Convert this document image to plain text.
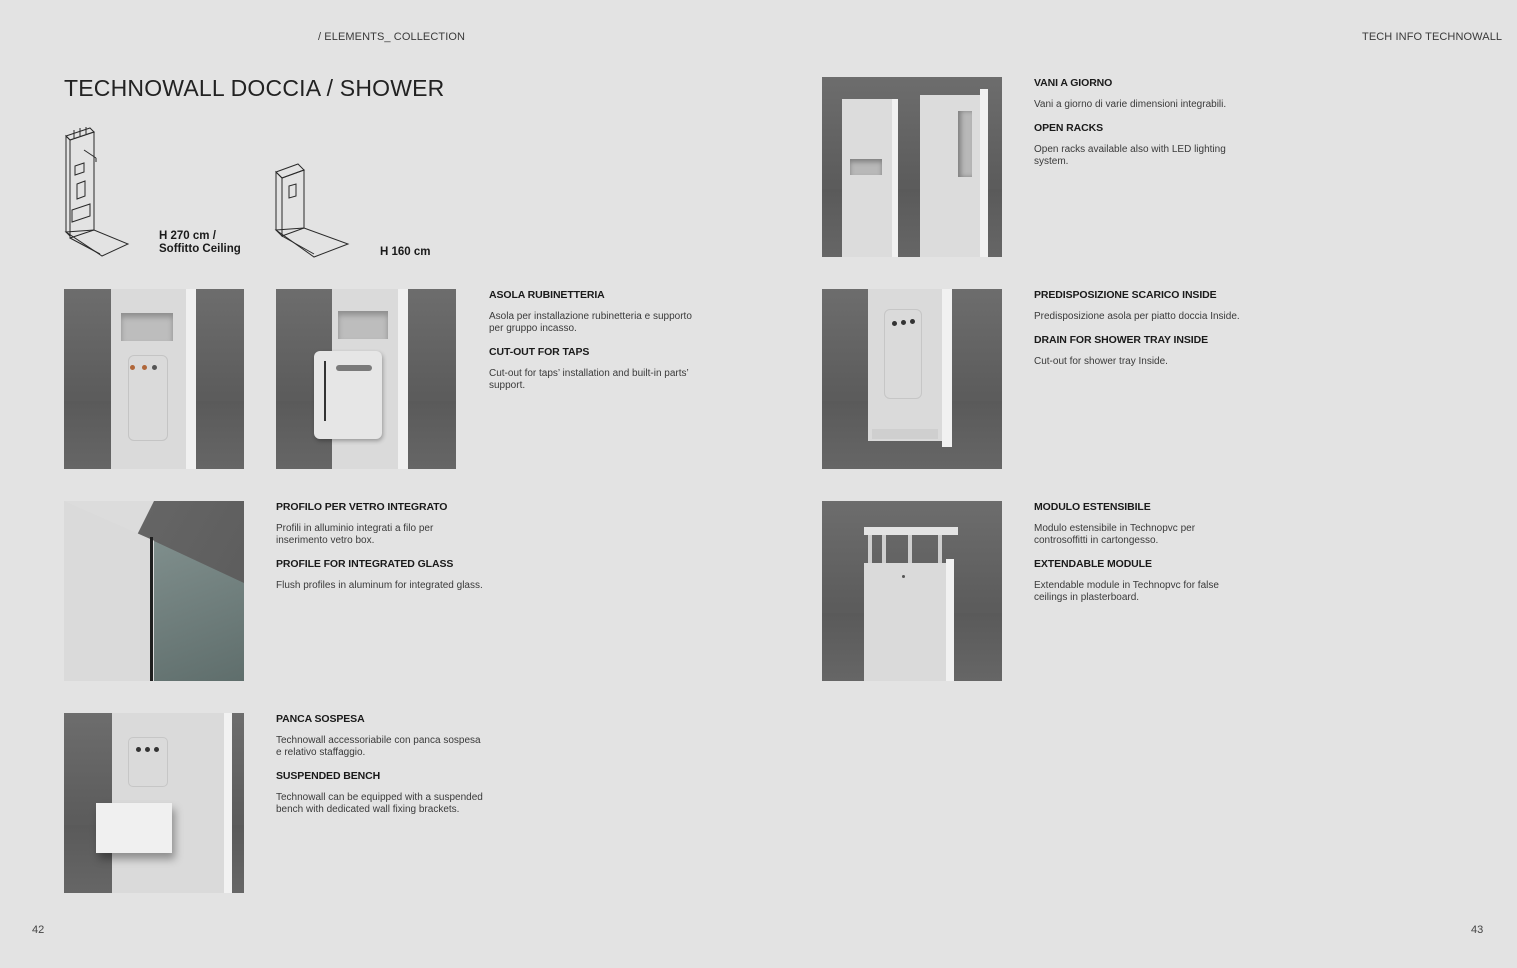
/ ELEMENTS_ COLLECTION	TECH INFO TECHNOWALL
TECHNOWALL DOCCIA / SHOWER
H 270 cm /
Soffitto Ceiling	H 160 cm
ASOLA RUBINETTERIA
Asola per installazione rubinetteria e supporto per gruppo incasso.
CUT-OUT FOR TAPS
Cut-out for taps’ installation and built-in parts’ support.
PROFILO PER VETRO INTEGRATO
Profili in alluminio integrati a filo per inserimento vetro box.
PROFILE FOR INTEGRATED GLASS
Flush profiles in aluminum for integrated glass.
PANCA SOSPESA
Technowall accessoriabile con panca sospesa e relativo staffaggio.
SUSPENDED BENCH
Technowall can be equipped with a suspended bench with dedicated wall fixing brackets.
VANI A GIORNO
Vani a giorno di varie dimensioni integrabili.
OPEN RACKS
Open racks available also with LED lighting system.
PREDISPOSIZIONE SCARICO INSIDE
Predisposizione asola per piatto doccia Inside.
DRAIN FOR SHOWER TRAY INSIDE
Cut-out for shower tray Inside.
MODULO ESTENSIBILE
Modulo estensibile in Technopvc per controsoffitti in cartongesso.
EXTENDABLE MODULE
Extendable module in Technopvc for false ceilings in plasterboard.
42	43
